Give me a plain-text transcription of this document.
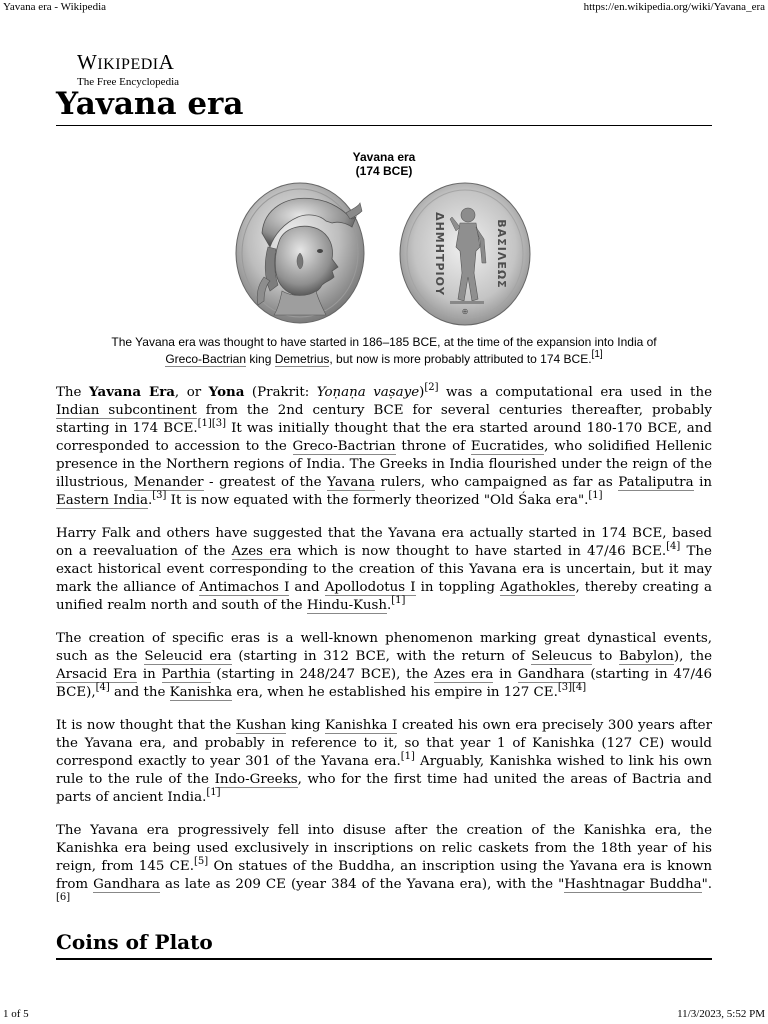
Yavana era - Wikipedia	https://en.wikipedia.org/wiki/Yavana_era
WIKIPEDIA
The Free Encyclopedia
Yavana era
Yavana era
(174 BCE)
ΔΗΜΗΤΡΙΟΥ	ΒΑΣΙΛΕΩΣ
⊕
The Yavana era was thought to have started in 186–185 BCE, at the time of the expansion into India of
Greco-Bactrian king Demetrius, but now is more probably attributed to 174 BCE.[1]

The Yavana Era, or Yona (Prakrit: Yoṇaṇa vaṣaye)[2] was a computational era used in the Indian subcontinent from the 2nd century BCE for several centuries thereafter, probably starting in 174 BCE.[1][3] It was initially thought that the era started around 180-170 BCE, and corresponded to accession to the Greco-Bactrian throne of Eucratides, who solidified Hellenic presence in the Northern regions of India. The Greeks in India flourished under the reign of the illustrious, Menander - greatest of the Yavana rulers, who campaigned as far as Pataliputra in Eastern India.[3] It is now equated with the formerly theorized "Old Śaka era".[1]

Harry Falk and others have suggested that the Yavana era actually started in 174 BCE, based on a reevaluation of the Azes era which is now thought to have started in 47/46 BCE.[4] The exact historical event corresponding to the creation of this Yavana era is uncertain, but it may mark the alliance of Antimachos I and Apollodotus I in toppling Agathokles, thereby creating a unified realm north and south of the Hindu-Kush.[1]

The creation of specific eras is a well-known phenomenon marking great dynastical events, such as the Seleucid era (starting in 312 BCE, with the return of Seleucus to Babylon), the Arsacid Era in Parthia (starting in 248/247 BCE), the Azes era in Gandhara (starting in 47/46 BCE),[4] and the Kanishka era, when he established his empire in 127 CE.[3][4]

It is now thought that the Kushan king Kanishka I created his own era precisely 300 years after the Yavana era, and probably in reference to it, so that year 1 of Kanishka (127 CE) would correspond exactly to year 301 of the Yavana era.[1] Arguably, Kanishka wished to link his own rule to the rule of the Indo-Greeks, who for the first time had united the areas of Bactria and parts of ancient India.[1]

The Yavana era progressively fell into disuse after the creation of the Kanishka era, the Kanishka era being used exclusively in inscriptions on relic caskets from the 18th year of his reign, from 145 CE.[5] On statues of the Buddha, an inscription using the Yavana era is known from Gandhara as late as 209 CE (year 384 of the Yavana era), with the "Hashtnagar Buddha".[6]

Coins of Plato
1 of 5	11/3/2023, 5:52 PM
